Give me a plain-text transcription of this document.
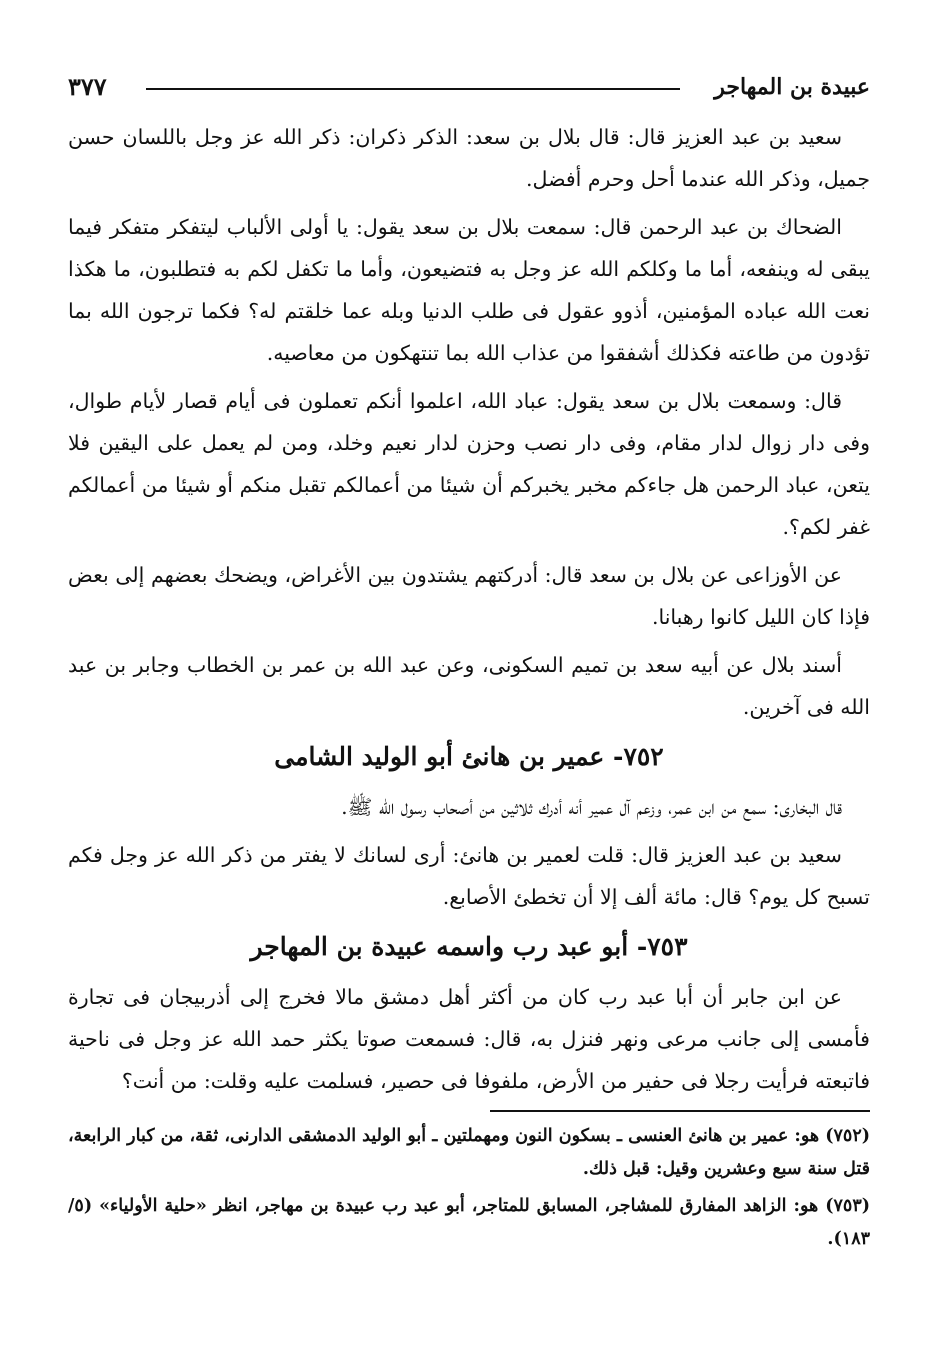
عبيدة بن المهاجر
٣٧٧

سعيد بن عبد العزيز قال: قال بلال بن سعد: الذكر ذكران: ذكر الله عز وجل باللسان حسن جميل، وذكر الله عندما أحل وحرم أفضل.

الضحاك بن عبد الرحمن قال: سمعت بلال بن سعد يقول: يا أولى الألباب ليتفكر متفكر فيما يبقى له وينفعه، أما ما وكلكم الله عز وجل به فتضيعون، وأما ما تكفل لكم به فتطلبون، ما هكذا نعت الله عباده المؤمنين، أذوو عقول فى طلب الدنيا وبله عما خلقتم له؟ فكما ترجون الله بما تؤدون من طاعته فكذلك أشفقوا من عذاب الله بما تنتهكون من معاصيه.

قال: وسمعت بلال بن سعد يقول: عباد الله، اعلموا أنكم تعملون فى أيام قصار لأيام طوال، وفى دار زوال لدار مقام، وفى دار نصب وحزن لدار نعيم وخلد، ومن لم يعمل على اليقين فلا يتعن، عباد الرحمن هل جاءكم مخبر يخبركم أن شيئا من أعمالكم تقبل منكم أو شيئا من أعمالكم غفر لكم؟.

عن الأوزاعى عن بلال بن سعد قال: أدركتهم يشتدون بين الأغراض، ويضحك بعضهم إلى بعض فإذا كان الليل كانوا رهبانا.

أسند بلال عن أبيه سعد بن تميم السكونى، وعن عبد الله بن عمر بن الخطاب وجابر بن عبد الله فى آخرين.

٧٥٢- عمير بن هانئ أبو الوليد الشامى

قال البخارى: سمع من ابن عمر، وزعم آل عمير أنه أدرك ثلاثين من أصحاب رسول الله ﷺ.

سعيد بن عبد العزيز قال: قلت لعمير بن هانئ: أرى لسانك لا يفتر من ذكر الله عز وجل فكم تسبح كل يوم؟ قال: مائة ألف إلا أن تخطئ الأصابع.

٧٥٣- أبو عبد رب واسمه عبيدة بن المهاجر

عن ابن جابر أن أبا عبد رب كان من أكثر أهل دمشق مالا فخرج إلى أذربيجان فى تجارة فأمسى إلى جانب مرعى ونهر فنزل به، قال: فسمعت صوتا يكثر حمد الله عز وجل فى ناحية فاتبعته فرأيت رجلا فى حفير من الأرض، ملفوفا فى حصير، فسلمت عليه وقلت: من أنت؟

(٧٥٢) هو: عمير بن هانئ العنسى ـ بسكون النون ومهملتين ـ أبو الوليد الدمشقى الدارنى، ثقة، من كبار الرابعة، قتل سنة سبع وعشرين وقيل: قبل ذلك.

(٧٥٣) هو: الزاهد المفارق للمشاجر، المسابق للمتاجر، أبو عبد رب عبيدة بن مهاجر، انظر «حلية الأولياء» (٥/ ١٨٣).
